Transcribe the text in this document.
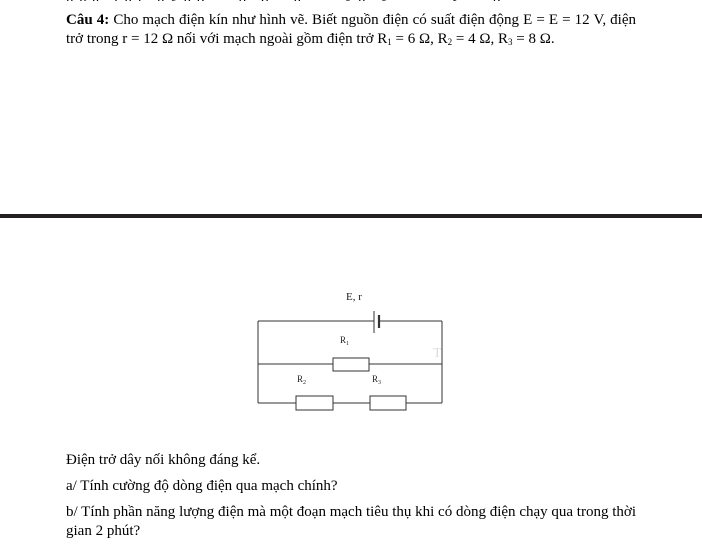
Câu 4: Cho mạch điện kín như hình vẽ. Biết nguồn điện có suất điện động E = E = 12 V, điện trở trong r = 12 Ω nối với mạch ngoài gồm điện trở $R_1 = 6$ Ω, $R_2 = 4$ Ω, $R_3 = 8$ Ω.
E, r
$R_1$
T
$R_2$	$R_3$
Điện trở dây nối không đáng kể.
a/ Tính cường độ dòng điện qua mạch chính?
b/ Tính phần năng lượng điện mà một đoạn mạch tiêu thụ khi có dòng điện chạy qua trong thời gian 2 phút?
